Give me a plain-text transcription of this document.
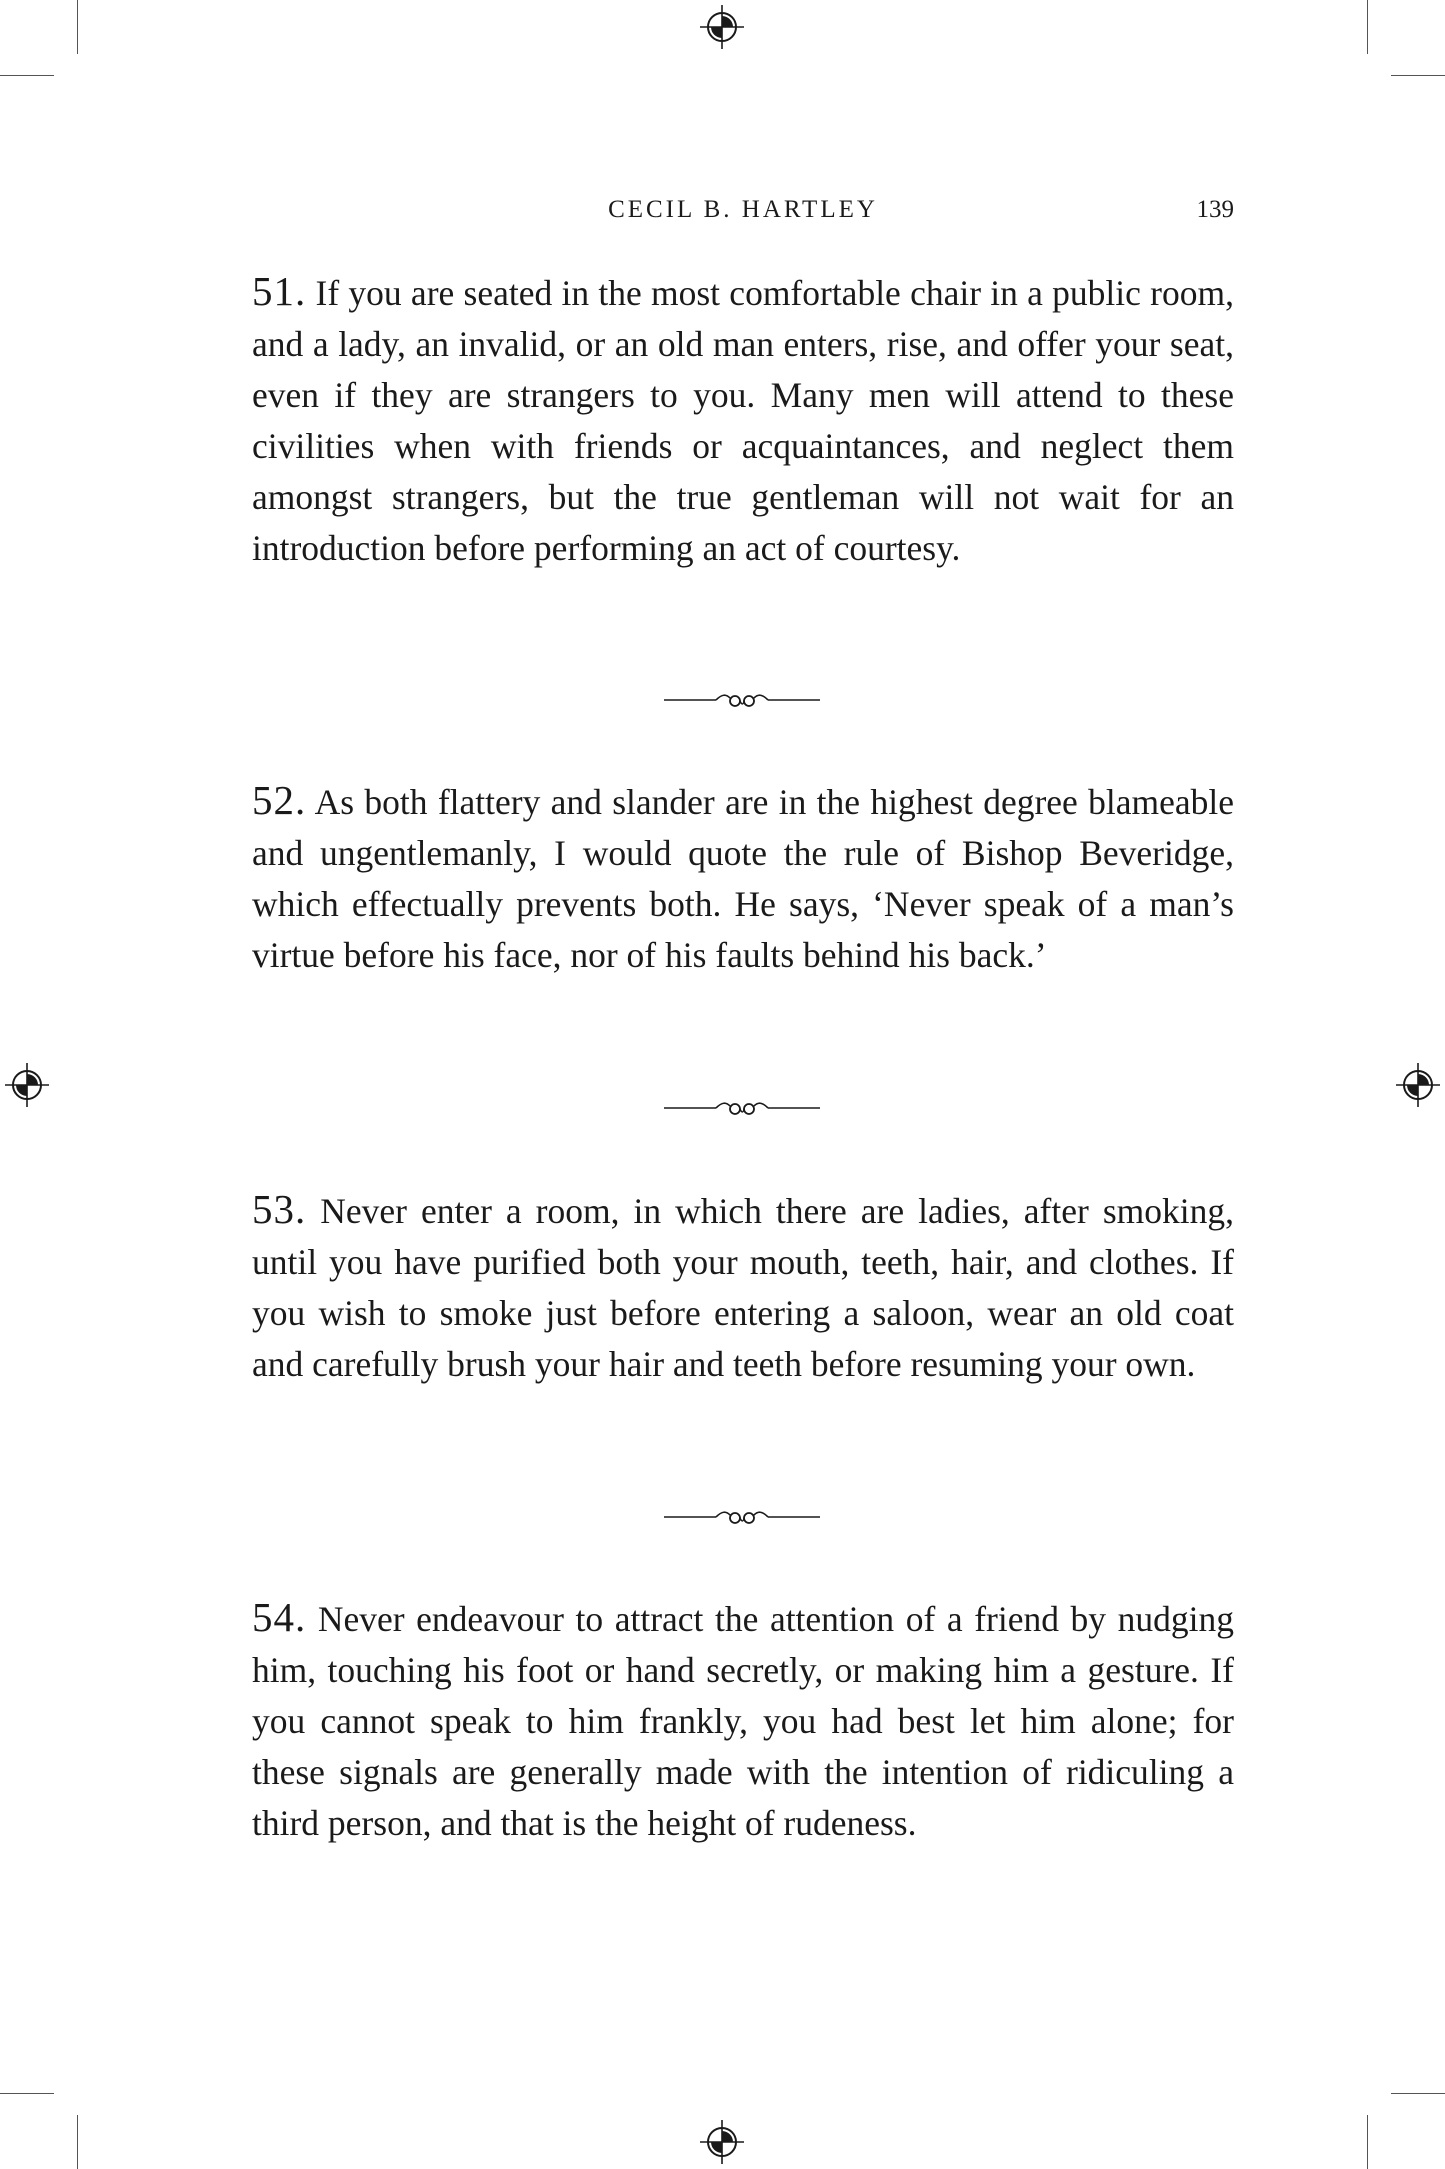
CECIL B. HARTLEY	139

51. If you are seated in the most comfortable chair in a public room, and a lady, an invalid, or an old man enters, rise, and offer your seat, even if they are strangers to you. Many men will attend to these civilities when with friends or acquaintances, and neglect them amongst strangers, but the true gentleman will not wait for an introduction before performing an act of courtesy.

52. As both flattery and slander are in the highest degree blameable and ungentlemanly, I would quote the rule of Bishop Beveridge, which effectually prevents both. He says, ‘Never speak of a man’s virtue before his face, nor of his faults behind his back.’

53. Never enter a room, in which there are ladies, after smoking, until you have purified both your mouth, teeth, hair, and clothes. If you wish to smoke just before entering a saloon, wear an old coat and carefully brush your hair and teeth before resuming your own.

54. Never endeavour to attract the attention of a friend by nudging him, touching his foot or hand secretly, or making him a gesture. If you cannot speak to him frankly, you had best let him alone; for these signals are generally made with the intention of ridiculing a third person, and that is the height of rudeness.
